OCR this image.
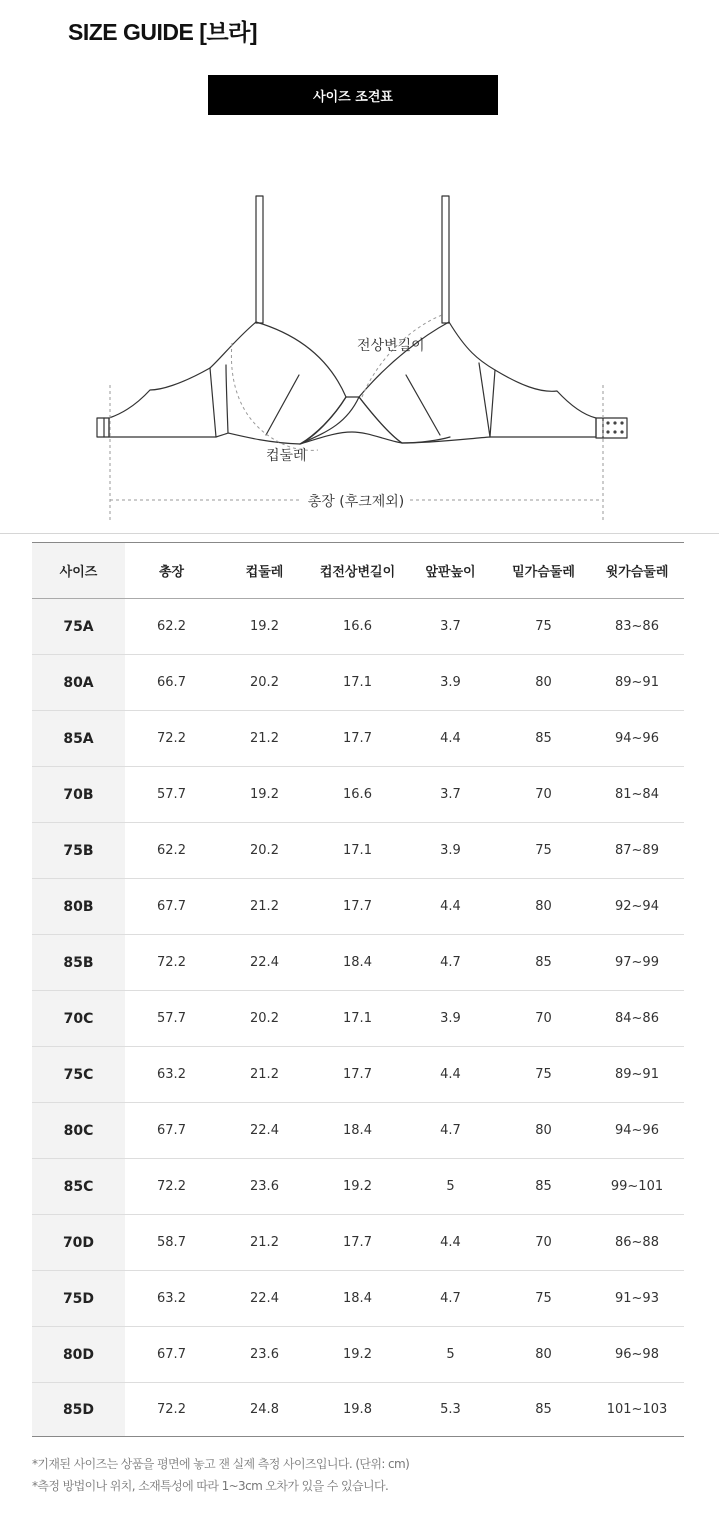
SIZE GUIDE [브라]
사이즈 조견표
전상변길이
컵둘레
총장 (후크제외)
사이즈	총장	컵둘레	컵전상변길이	앞판높이	밑가슴둘레	윗가슴둘레
75A	62.2	19.2	16.6	3.7	75	83~86
80A	66.7	20.2	17.1	3.9	80	89~91
85A	72.2	21.2	17.7	4.4	85	94~96
70B	57.7	19.2	16.6	3.7	70	81~84
75B	62.2	20.2	17.1	3.9	75	87~89
80B	67.7	21.2	17.7	4.4	80	92~94
85B	72.2	22.4	18.4	4.7	85	97~99
70C	57.7	20.2	17.1	3.9	70	84~86
75C	63.2	21.2	17.7	4.4	75	89~91
80C	67.7	22.4	18.4	4.7	80	94~96
85C	72.2	23.6	19.2	5	85	99~101
70D	58.7	21.2	17.7	4.4	70	86~88
75D	63.2	22.4	18.4	4.7	75	91~93
80D	67.7	23.6	19.2	5	80	96~98
85D	72.2	24.8	19.8	5.3	85	101~103

*기재된 사이즈는 상품을 평면에 놓고 잰 실제 측정 사이즈입니다. (단위: cm)

*측정 방법이나 위치, 소재특성에 따라 1~3cm 오차가 있을 수 있습니다.
